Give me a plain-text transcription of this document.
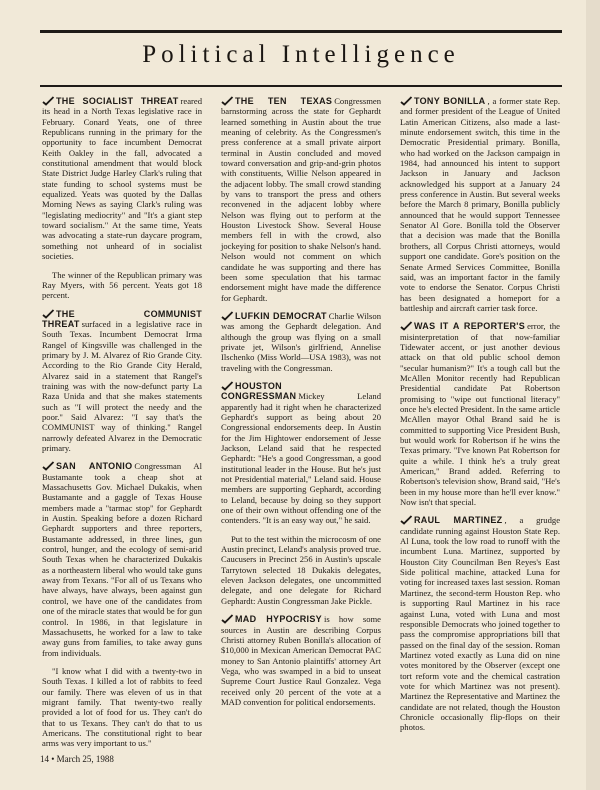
Political Intelligence

THE SOCIALIST THREAT reared its head in a North Texas legislative race in February. Conard Yeats, one of three Republicans running in the primary for the opportunity to face incumbent Democrat Keith Oakley in the fall, advocated a constitutional amendment that would block State District Judge Harley Clark's ruling that state funding to school systems must be equalized. Yeats was quoted by the Dallas Morning News as saying Clark's ruling was "legislating mediocrity" and "It's a giant step toward socialism." At the same time, Yeats was advocating a state-run daycare program, something not unheard of in socialist societies.

The winner of the Republican primary was Ray Myers, with 56 percent. Yeats got 18 percent.

THE COMMUNIST THREAT surfaced in a legislative race in South Texas. Incumbent Democrat Irma Rangel of Kingsville was challenged in the primary by J. M. Alvarez of Rio Grande City. According to the Rio Grande City Herald, Alvarez said in a statement that Rangel's training was with the now-defunct party La Raza Unida and that she makes statements such as "I will protect the needy and the poor." Said Alvarez: "I say that's the COMMUNIST way of thinking." Rangel narrowly defeated Alvarez in the Democratic primary.

SAN ANTONIO Congressman Al Bustamante took a cheap shot at Massachusetts Gov. Michael Dukakis, when Bustamante and a gaggle of Texas House members made a "tarmac stop" for Gephardt in Austin. Speaking before a dozen Richard Gephardt supporters and three reporters, Bustamante addressed, in three lines, gun control, hunger, and the ecology of semi-arid South Texas when he characterized Dukakis as a northeastern liberal who would take guns away from Texans. "For all of us Texans who have always, have always, been against gun control, we have one of the candidates from one of the miracle states that would be for gun control. In 1986, in that legislature in Massachusetts, he worked for a law to take away guns from families, to take away guns from individuals.

"I know what I did with a twenty-two in South Texas. I killed a lot of rabbits to feed our family. There was eleven of us in that migrant family. That twenty-two really provided a lot of food for us. They can't do that to us Texans. They can't do that to us Americans. The constitutional right to bear arms was very important to us."

THE TEN TEXAS Congressmen barnstorming across the state for Gephardt learned something in Austin about the true meaning of celebrity. As the Congressmen's press conference at a small private airport terminal in Austin concluded and moved toward conversation and grip-and-grin photos with constituents, Willie Nelson appeared in the adjacent lobby. The small crowd standing by vans to transport the press and others reconvened in the adjacent lobby where Nelson was flying out to perform at the Houston Livestock Show. Several House members fell in with the crowd, also jockeying for position to shake Nelson's hand. Nelson would not comment on which candidate he was supporting and there has been some speculation that his tarmac endorsement might have made the difference for Gephardt.

LUFKIN DEMOCRAT Charlie Wilson was among the Gephardt delegation. And although the group was flying on a small private jet, Wilson's girlfriend, Annelise Ilschenko (Miss World—USA 1983), was not traveling with the Congressman.

HOUSTON CONGRESSMAN Mickey Leland apparently had it right when he characterized Gephardt's support as being about 20 Congressional endorsements deep. In Austin for the Jim Hightower endorsement of Jesse Jackson, Leland said that he respected Gephardt: "He's a good Congressman, a good institutional leader in the House. But he's just not Presidential material," Leland said. House members are supporting Gephardt, according to Leland, because by doing so they support one of their own without offending one of the contenders. "It is an easy way out," he said.

Put to the test within the microcosm of one Austin precinct, Leland's analysis proved true. Caucusers in Precinct 256 in Austin's upscale Tarrytown selected 18 Dukakis delegates, eleven Jackson delegates, one uncommitted delegate, and one delegate for Richard Gephardt: Austin Congressman Jake Pickle.

MAD HYPOCRISY is how some sources in Austin are describing Corpus Christi attorney Ruben Bonilla's allocation of $10,000 in Mexican American Democrat PAC money to San Antonio plaintiffs' attorney Art Vega, who was swamped in a bid to unseat Supreme Court Justice Raul Gonzalez. Vega received only 20 percent of the vote at a MAD convention for political endorsements.

TONY BONILLA , a former state Rep. and former president of the League of United Latin American Citizens, also made a last-minute endorsement switch, this time in the Democratic Presidential primary. Bonilla, who had worked on the Jackson campaign in 1984, had announced his intent to support Jackson in January and Jackson acknowledged his support at a January 24 press conference in Austin. But several weeks before the March 8 primary, Bonilla publicly announced that he would support Tennessee Senator Al Gore. Bonilla told the Observer that a decision was made that the Bonilla brothers, all Corpus Christi attorneys, would support one candidate. Gore's position on the Senate Armed Services Committee, Bonilla said, was an important factor in the family vote to endorse the Senator. Corpus Christi has been designated a homeport for a battleship and aircraft carrier task force.

WAS IT A REPORTER'S error, the misinterpretation of that now-familiar Tidewater accent, or just another devious attack on that old public school demon "secular humanism?" It's a tough call but the McAllen Monitor recently had Republican Presidential candidate Pat Robertson promising to "wipe out functional literacy" once he's elected President. In the same article McAllen mayor Othal Brand said he is committed to supporting Vice President Bush, but would work for Robertson if he wins the Texas primary. "I've known Pat Robertson for quite a while. I think he's a truly great American," Brand added. Referring to Robertson's television show, Brand said, "He's been in my house more than he'll ever know." Now isn't that special.

RAUL MARTINEZ , a grudge candidate running against Houston State Rep. Al Luna, took the low road to runoff with the incumbent Luna. Martinez, supported by Houston City Councilman Ben Reyes's East Side political machine, attacked Luna for voting for increased taxes last session. Roman Martinez, the second-term Houston Rep. who is supporting Raul Martinez in his race against Luna, voted with Luna and most responsible Democrats who joined together to pass the compromise appropriations bill that passed on the final day of the session. Roman Martinez voted exactly as Luna did on nine votes monitored by the Observer (except one tort reform vote and the chemical castration vote for which Martinez was not present). Martinez the Representative and Martinez the candidate are not related, though the Houston Chronicle occasionally flip-flops on their photos.

14 • March 25, 1988
